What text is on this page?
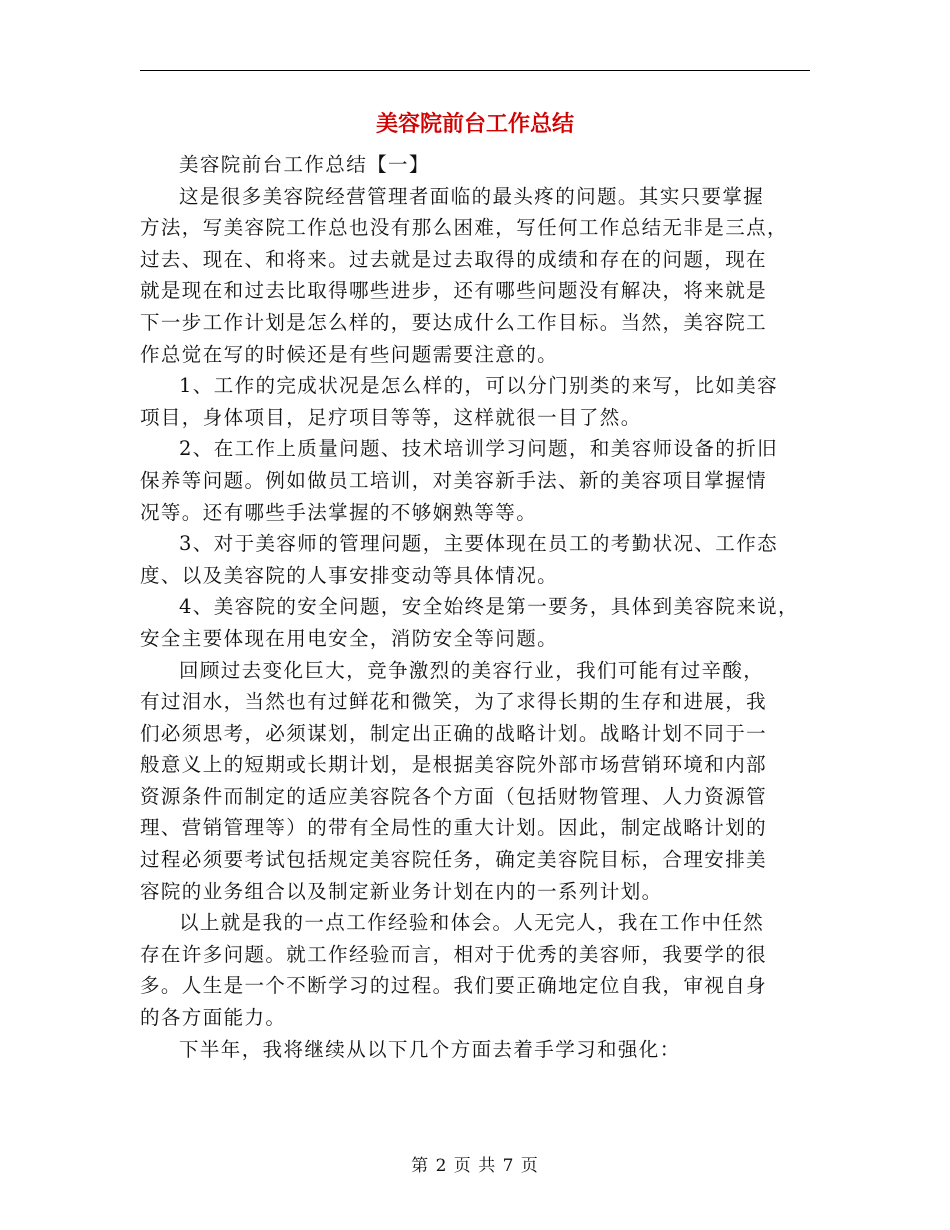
美容院前台工作总结

美容院前台工作总结【一】

这是很多美容院经营管理者面临的最头疼的问题。其实只要掌握
方法，写美容院工作总也没有那么困难，写任何工作总结无非是三点，
过去、现在、和将来。过去就是过去取得的成绩和存在的问题，现在
就是现在和过去比取得哪些进步，还有哪些问题没有解决，将来就是
下一步工作计划是怎么样的，要达成什么工作目标。当然，美容院工
作总觉在写的时候还是有些问题需要注意的。

1、工作的完成状况是怎么样的，可以分门别类的来写，比如美容
项目，身体项目，足疗项目等等，这样就很一目了然。

2、在工作上质量问题、技术培训学习问题，和美容师设备的折旧
保养等问题。例如做员工培训，对美容新手法、新的美容项目掌握情
况等。还有哪些手法掌握的不够娴熟等等。

3、对于美容师的管理问题，主要体现在员工的考勤状况、工作态
度、以及美容院的人事安排变动等具体情况。

4、美容院的安全问题，安全始终是第一要务，具体到美容院来说，
安全主要体现在用电安全，消防安全等问题。

回顾过去变化巨大，竞争激烈的美容行业，我们可能有过辛酸，
有过泪水，当然也有过鲜花和微笑，为了求得长期的生存和进展，我
们必须思考，必须谋划，制定出正确的战略计划。战略计划不同于一
般意义上的短期或长期计划，是根据美容院外部市场营销环境和内部
资源条件而制定的适应美容院各个方面（包括财物管理、人力资源管
理、营销管理等）的带有全局性的重大计划。因此，制定战略计划的
过程必须要考试包括规定美容院任务，确定美容院目标，合理安排美
容院的业务组合以及制定新业务计划在内的一系列计划。

以上就是我的一点工作经验和体会。人无完人，我在工作中任然
存在许多问题。就工作经验而言，相对于优秀的美容师，我要学的很
多。人生是一个不断学习的过程。我们要正确地定位自我，审视自身
的各方面能力。

下半年，我将继续从以下几个方面去着手学习和强化：

第 2 页 共 7 页
